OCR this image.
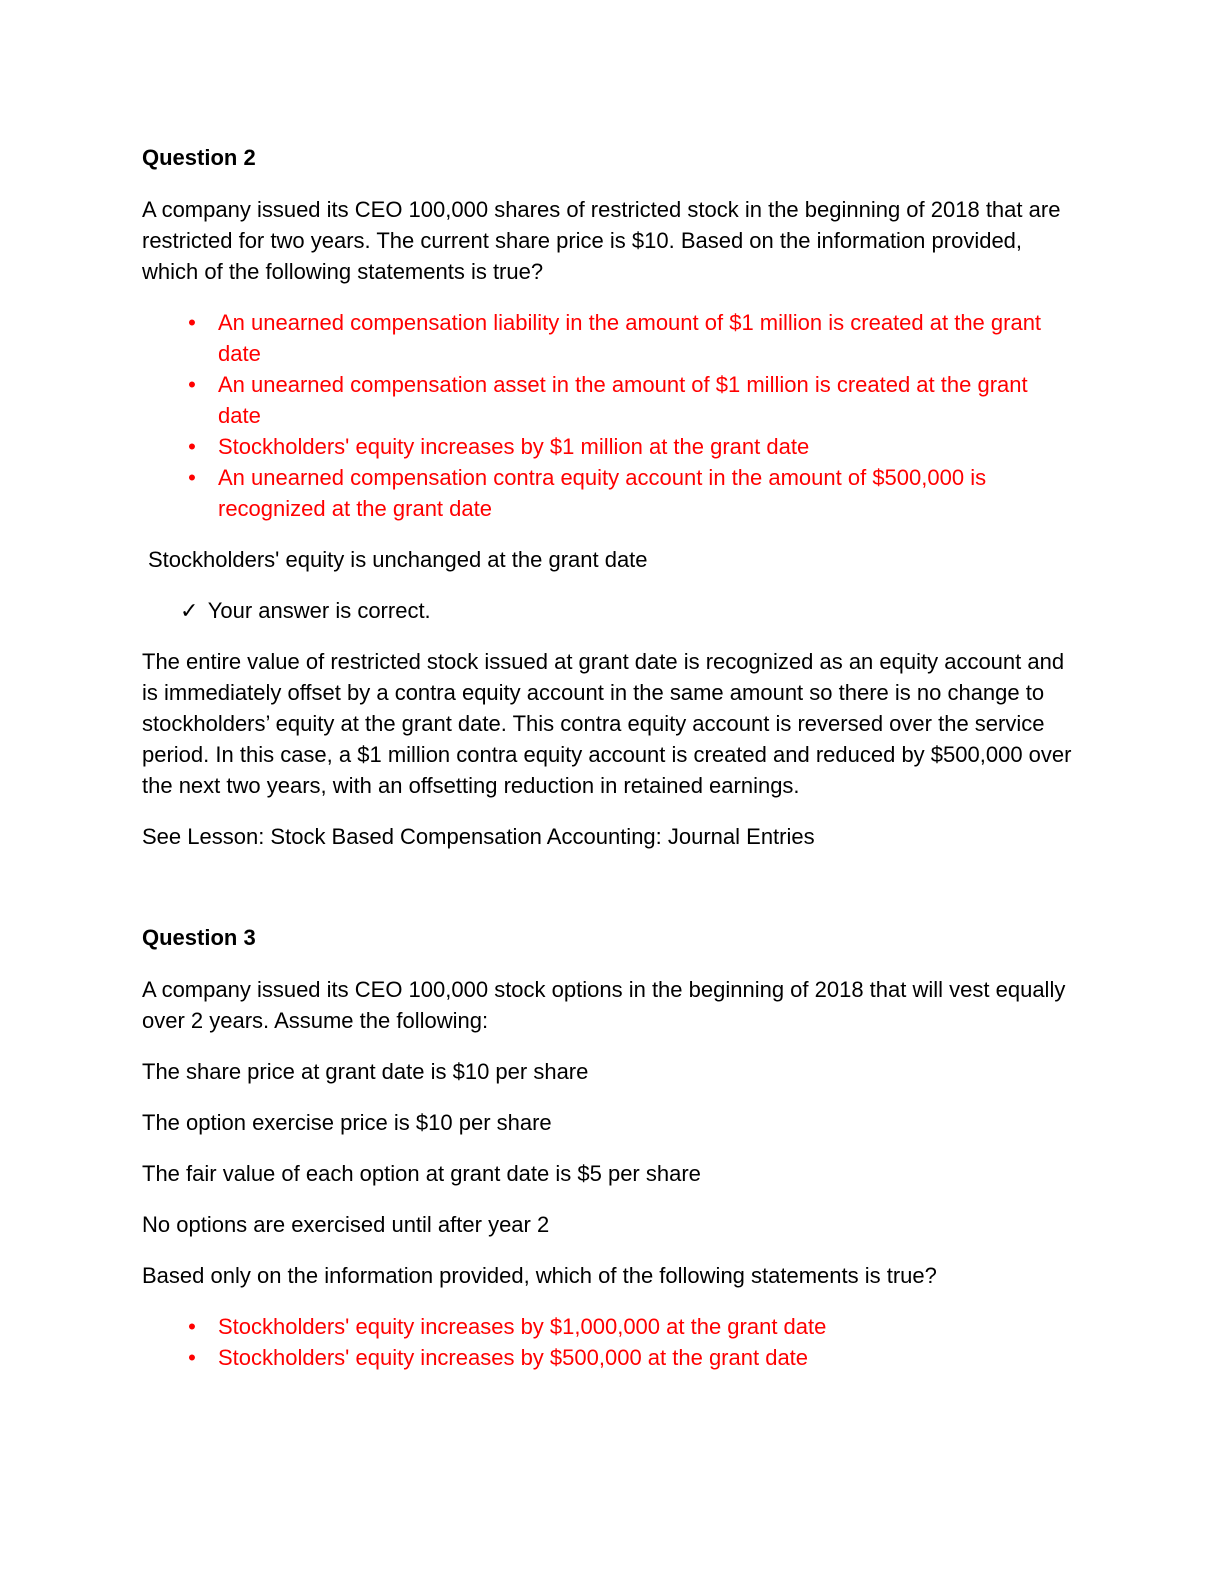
Question 2

A company issued its CEO 100,000 shares of restricted stock in the beginning of 2018 that are restricted for two years. The current share price is $10. Based on the information provided, which of the following statements is true?

• An unearned compensation liability in the amount of $1 million is created at the grant date
• An unearned compensation asset in the amount of $1 million is created at the grant date
• Stockholders' equity increases by $1 million at the grant date
• An unearned compensation contra equity account in the amount of $500,000 is recognized at the grant date

Stockholders' equity is unchanged at the grant date

✓ Your answer is correct.

The entire value of restricted stock issued at grant date is recognized as an equity account and is immediately offset by a contra equity account in the same amount so there is no change to stockholders’ equity at the grant date. This contra equity account is reversed over the service period. In this case, a $1 million contra equity account is created and reduced by $500,000 over the next two years, with an offsetting reduction in retained earnings.

See Lesson: Stock Based Compensation Accounting: Journal Entries

Question 3

A company issued its CEO 100,000 stock options in the beginning of 2018 that will vest equally over 2 years. Assume the following:

The share price at grant date is $10 per share

The option exercise price is $10 per share

The fair value of each option at grant date is $5 per share

No options are exercised until after year 2

Based only on the information provided, which of the following statements is true?

• Stockholders' equity increases by $1,000,000 at the grant date
• Stockholders' equity increases by $500,000 at the grant date
